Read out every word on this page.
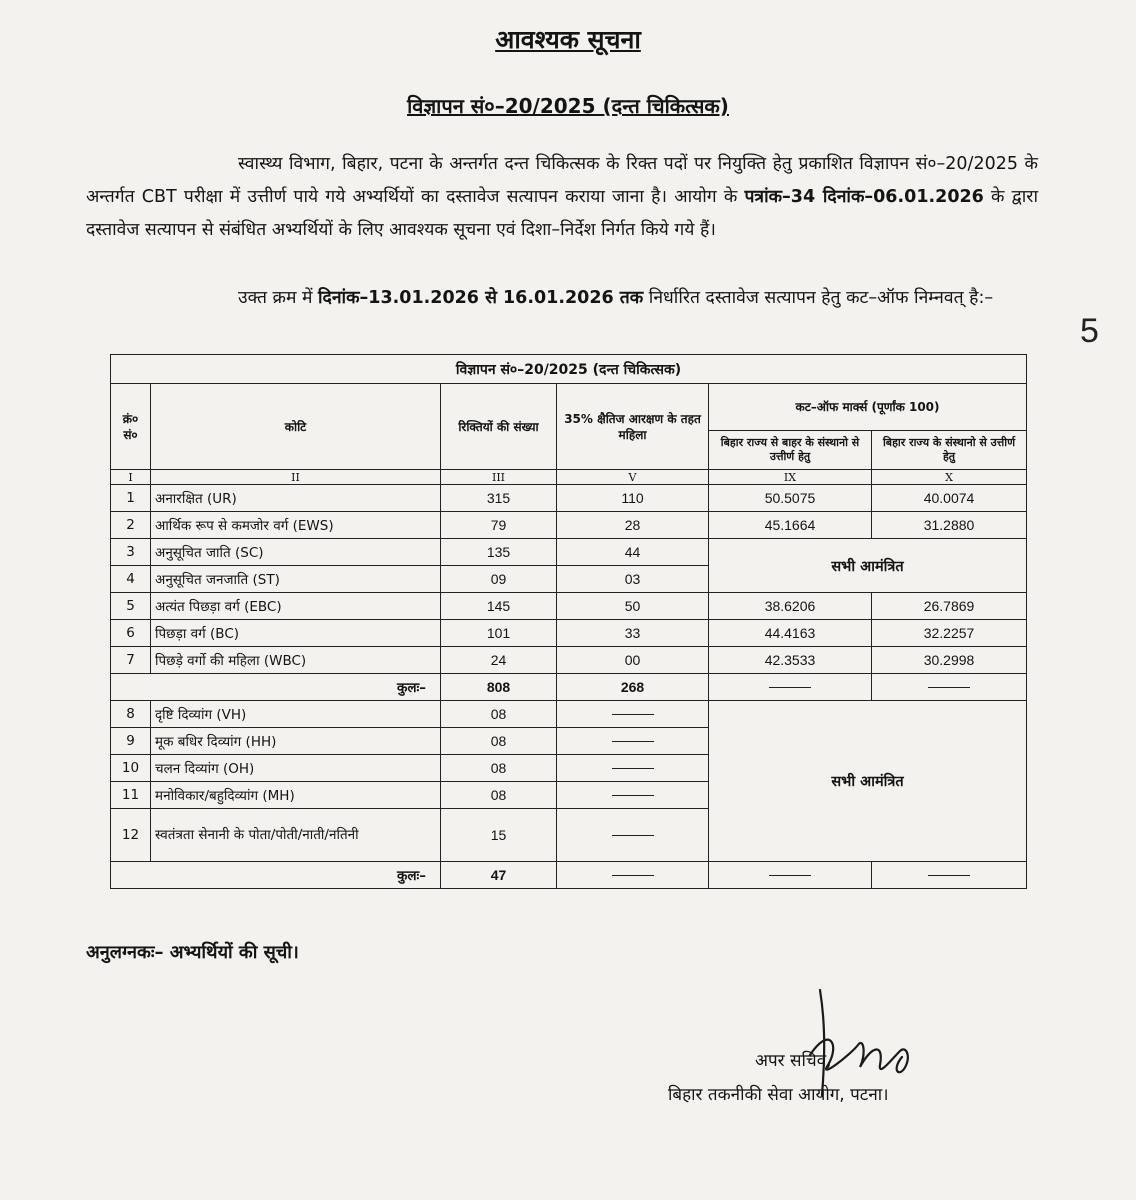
आवश्यक सूचना
विज्ञापन सं०–20/2025 (दन्त चिकित्सक)
स्वास्थ्य विभाग, बिहार, पटना के अन्तर्गत दन्त चिकित्सक के रिक्त पदों पर नियुक्ति हेतु प्रकाशित विज्ञापन सं०–20/2025 के अन्तर्गत CBT परीक्षा में उत्तीर्ण पाये गये अभ्यर्थियों का दस्तावेज सत्यापन कराया जाना है। आयोग के पत्रांक–34 दिनांक–06.01.2026 के द्वारा दस्तावेज सत्यापन से संबंधित अभ्यर्थियों के लिए आवश्यक सूचना एवं दिशा–निर्देश निर्गत किये गये हैं।
उक्त क्रम में दिनांक–13.01.2026 से 16.01.2026 तक निर्धारित दस्तावेज सत्यापन हेतु कट–ऑफ निम्नवत् है:–
5
विज्ञापन सं०–20/2025 (दन्त चिकित्सक)					
क्रं० सं०	कोटि	रिक्तियों की संख्या	35% क्षैतिज आरक्षण के तहत महिला	कट–ऑफ मार्क्स (पूर्णांक 100)	
				बिहार राज्य से बाहर के संस्थानो से उत्तीर्ण हेतु	बिहार राज्य के संस्थानो से उत्तीर्ण हेतु
I	II	III	V	IX	X
1	अनारक्षित (UR)	315	110	50.5075	40.0074
2	आर्थिक रूप से कमजोर वर्ग (EWS)	79	28	45.1664	31.2880
3	अनुसूचित जाति (SC)	135	44	सभी आमंत्रित	
4	अनुसूचित जनजाति (ST)	09	03		
5	अत्यंत पिछड़ा वर्ग (EBC)	145	50	38.6206	26.7869
6	पिछड़ा वर्ग (BC)	101	33	44.4163	32.2257
7	पिछड़े वर्गो की महिला (WBC)	24	00	42.3533	30.2998
कुलः–		808	268		
8	दृष्टि दिव्यांग (VH)	08		सभी आमंत्रित	
9	मूक बधिर दिव्यांग (HH)	08			
10	चलन दिव्यांग (OH)	08			
11	मनोविकार/बहुदिव्यांग (MH)	08			
12	स्वतंत्रता सेनानी के पोता/पोती/नाती/नतिनी	15			
कुलः–		47			
अनुलग्नकः– अभ्यर्थियों की सूची।
अपर सचिव,
बिहार तकनीकी सेवा आयोग, पटना।
